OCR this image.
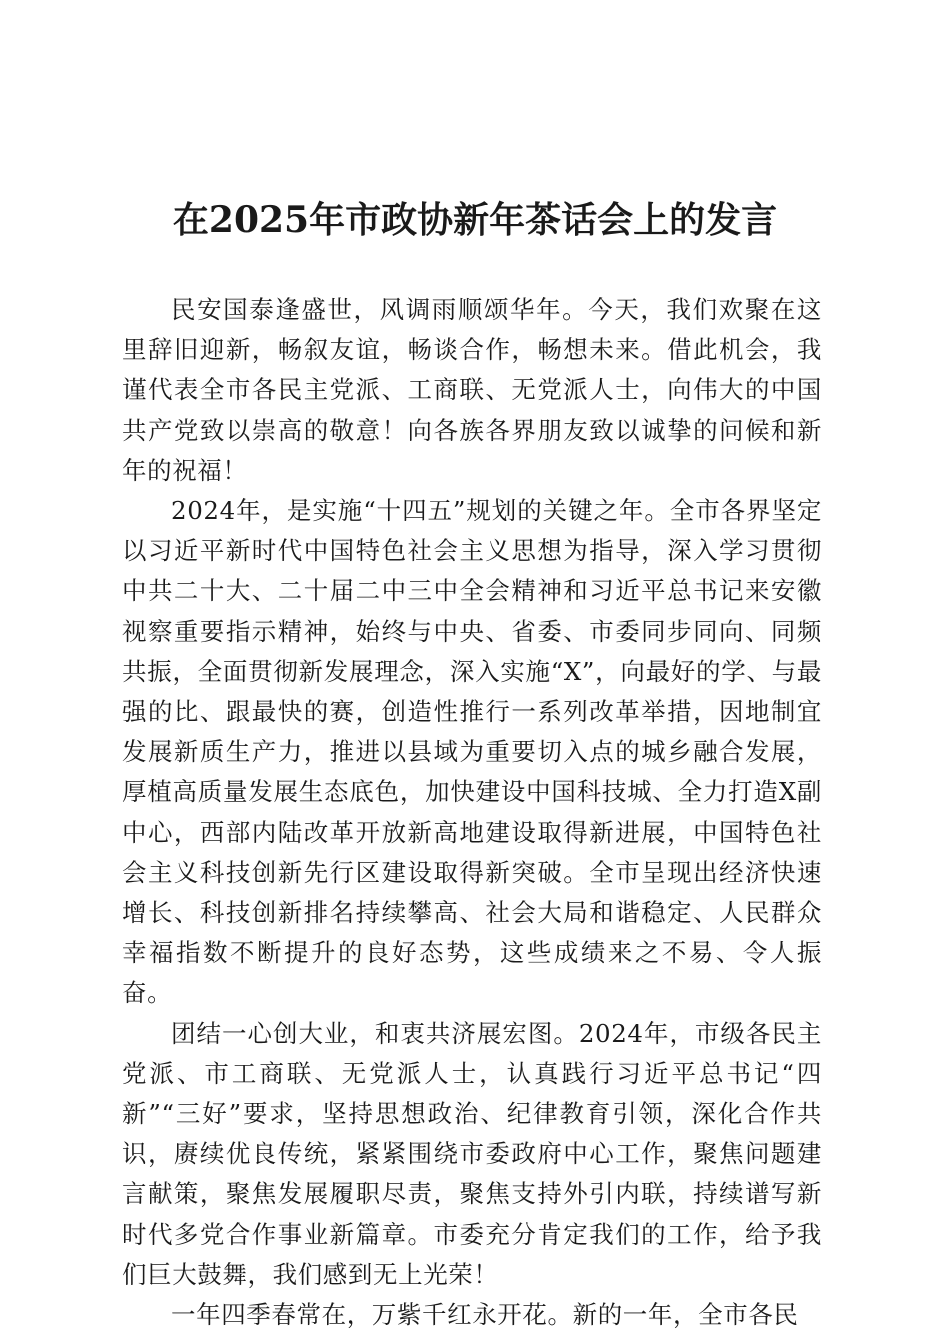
在2025年市政协新年茶话会上的发言

民安国泰逢盛世，风调雨顺颂华年。今天，我们欢聚在这里辞旧迎新，畅叙友谊，畅谈合作，畅想未来。借此机会，我谨代表全市各民主党派、工商联、无党派人士，向伟大的中国共产党致以崇高的敬意！向各族各界朋友致以诚挚的问候和新年的祝福！

2024年，是实施“十四五”规划的关键之年。全市各界坚定以习近平新时代中国特色社会主义思想为指导，深入学习贯彻中共二十大、二十届二中三中全会精神和习近平总书记来安徽视察重要指示精神，始终与中央、省委、市委同步同向、同频共振，全面贯彻新发展理念，深入实施“X”，向最好的学、与最强的比、跟最快的赛，创造性推行一系列改革举措，因地制宜发展新质生产力，推进以县域为重要切入点的城乡融合发展，厚植高质量发展生态底色，加快建设中国科技城、全力打造X副中心，西部内陆改革开放新高地建设取得新进展，中国特色社会主义科技创新先行区建设取得新突破。全市呈现出经济快速增长、科技创新排名持续攀高、社会大局和谐稳定、人民群众幸福指数不断提升的良好态势，这些成绩来之不易、令人振奋。

团结一心创大业，和衷共济展宏图。2024年，市级各民主党派、市工商联、无党派人士，认真践行习近平总书记“四新”“三好”要求，坚持思想政治、纪律教育引领，深化合作共识，赓续优良传统，紧紧围绕市委政府中心工作，聚焦问题建言献策，聚焦发展履职尽责，聚焦支持外引内联，持续谱写新时代多党合作事业新篇章。市委充分肯定我们的工作，给予我们巨大鼓舞，我们感到无上光荣！

一年四季春常在，万紫千红永开花。新的一年，全市各民
